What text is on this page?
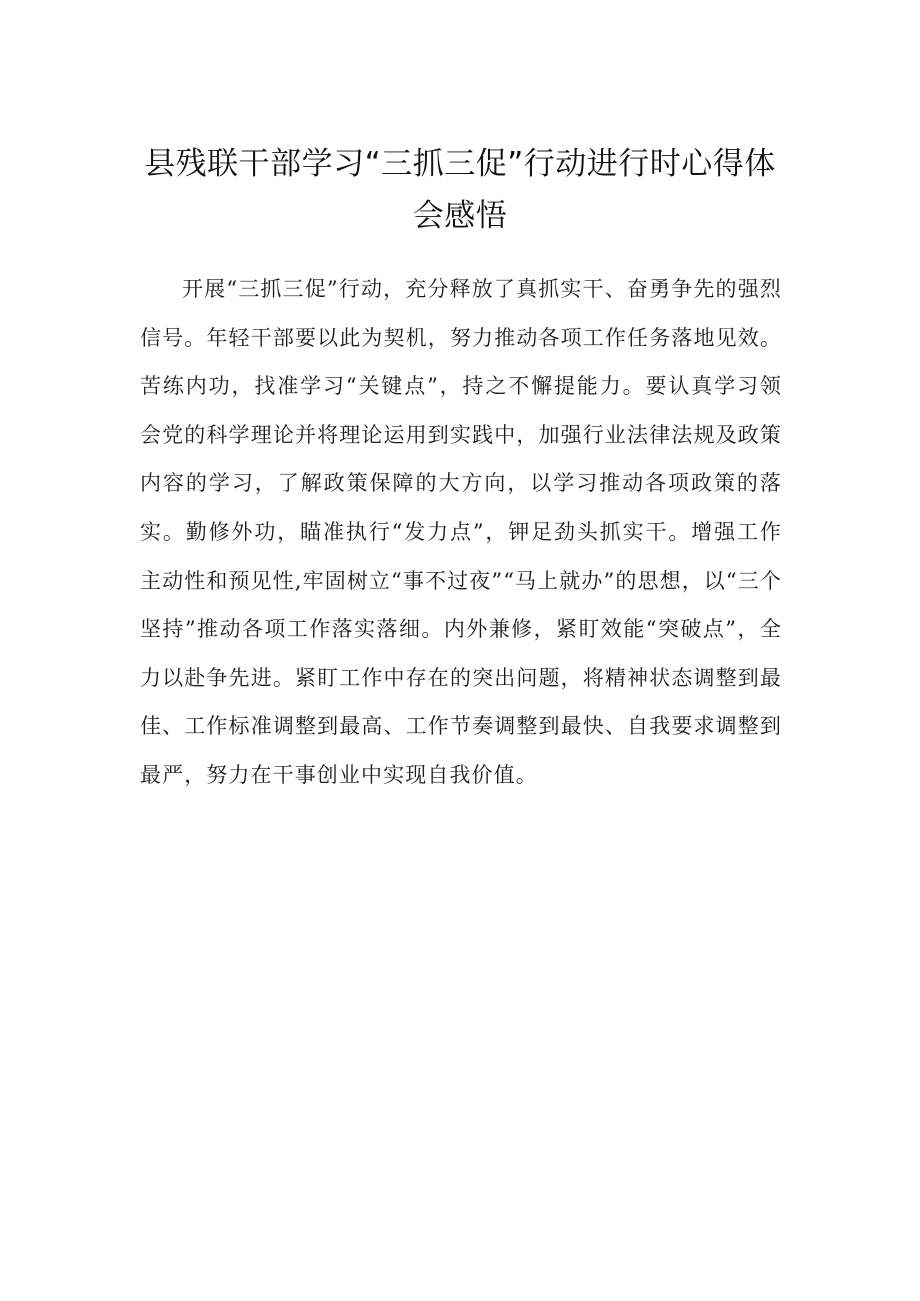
县残联干部学习“三抓三促”行动进行时心得体会感悟

开展“三抓三促”行动，充分释放了真抓实干、奋勇争先的强烈信号。年轻干部要以此为契机，努力推动各项工作任务落地见效。苦练内功，找准学习“关键点”，持之不懈提能力。要认真学习领会党的科学理论并将理论运用到实践中，加强行业法律法规及政策内容的学习，了解政策保障的大方向，以学习推动各项政策的落实。勤修外功，瞄准执行“发力点”，钾足劲头抓实干。增强工作主动性和预见性,牢固树立“事不过夜”“马上就办”的思想，以“三个坚持”推动各项工作落实落细。内外兼修，紧盯效能“突破点”，全力以赴争先进。紧盯工作中存在的突出问题，将精神状态调整到最佳、工作标准调整到最高、工作节奏调整到最快、自我要求调整到最严，努力在干事创业中实现自我价值。
